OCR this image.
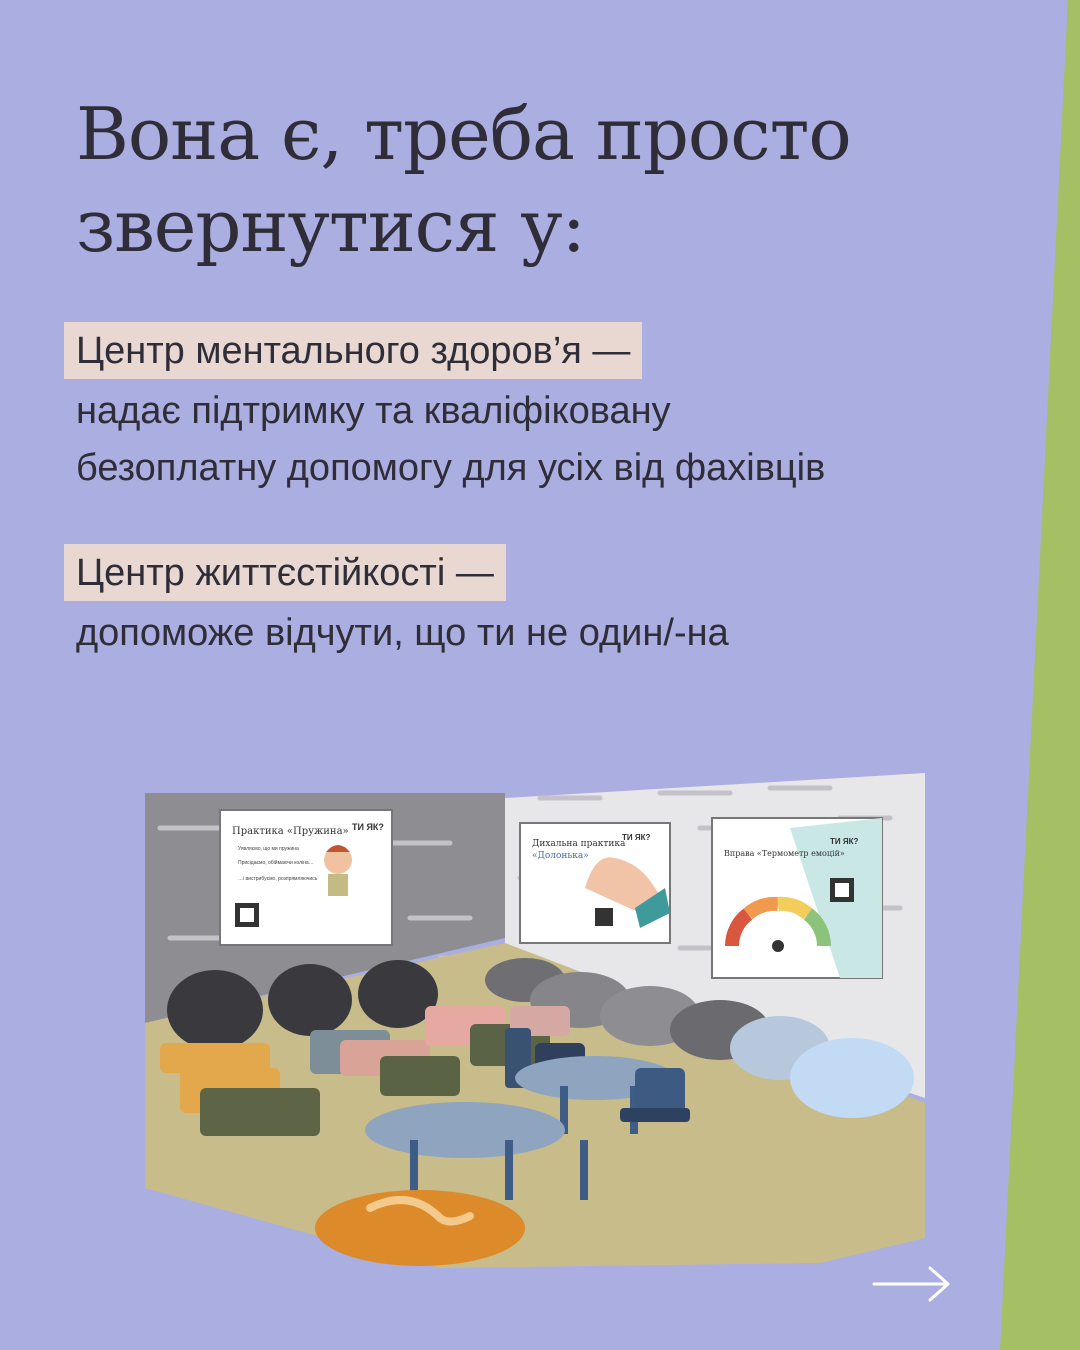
Вона є, треба просто
звернутися у:
Центр ментального здоров’я —
надає підтримку та кваліфіковану
безоплатну допомогу для усіх від фахівців
Центр життєстійкості —
допоможе відчути, що ти не один/-на
Практика «Пружина» ТИ ЯК?
Уявляємо, що ми пружина
Присідаємо, обіймаючи коліна…
…і вистрибуємо, розпрямляючись
Дихальна практика
«Долонька»
ТИ ЯК?
Вправа «Термометр емоцій»
ТИ ЯК?
